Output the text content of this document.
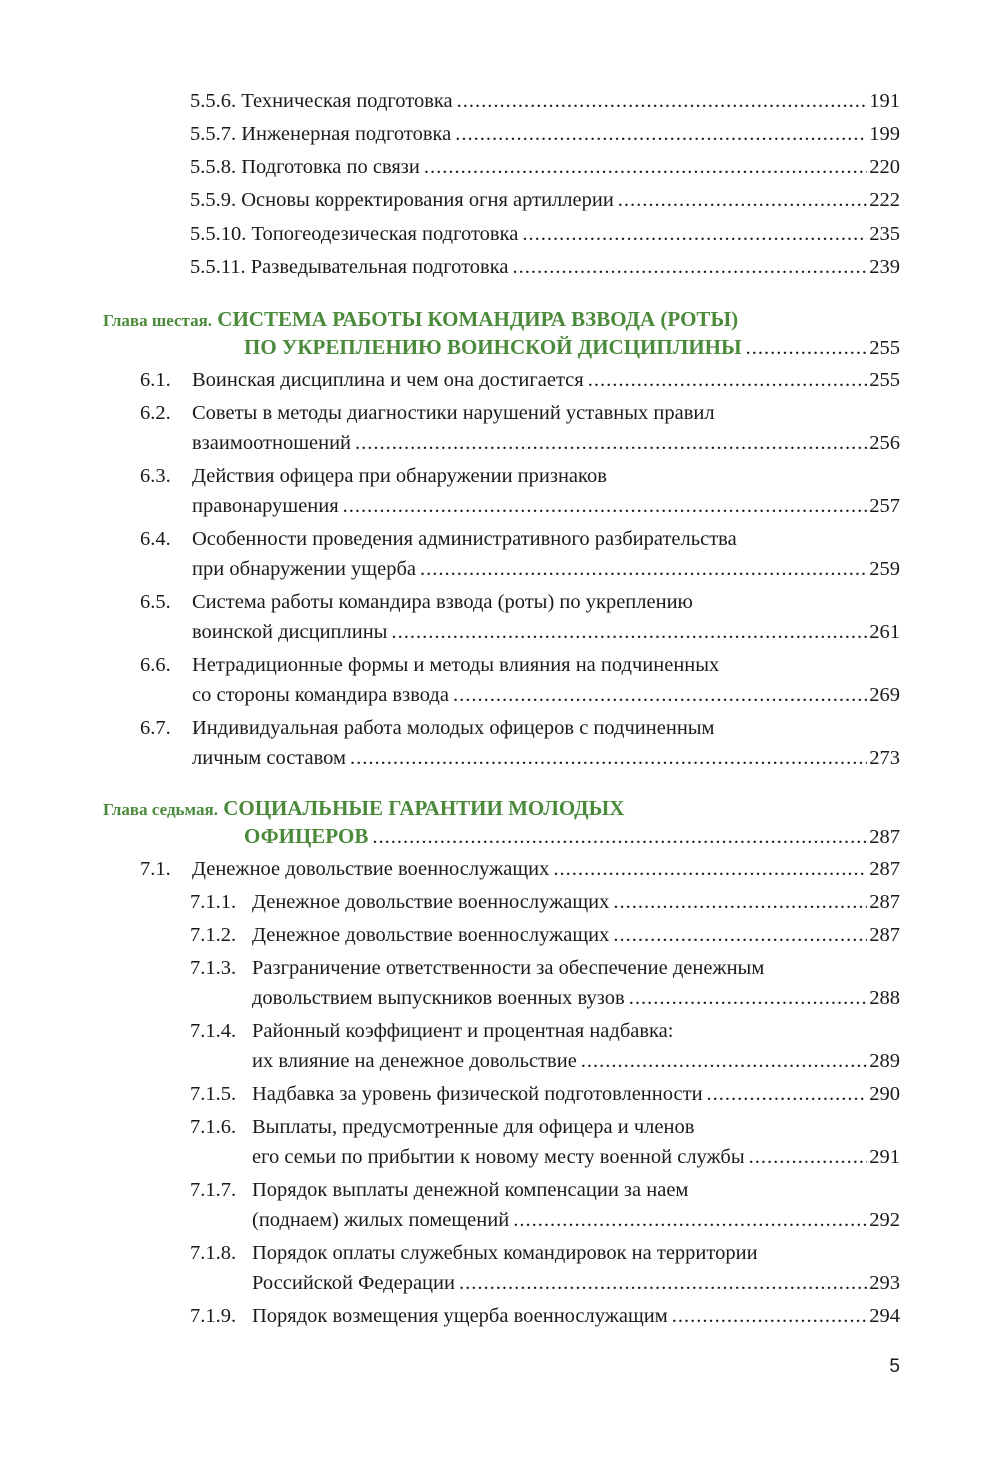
5.5.6. Техническая подготовка .....	191
5.5.7. Инженерная подготовка .....	199
5.5.8. Подготовка по связи .....	220
5.5.9. Основы корректирования огня артиллерии .....	222
5.5.10. Топогеодезическая подготовка .....	235
5.5.11. Разведывательная подготовка .....	239
Глава шестая. СИСТЕМА РАБОТЫ КОМАНДИРА ВЗВОДА (РОТЫ)
ПО УКРЕПЛЕНИЮ ВОИНСКОЙ ДИСЦИПЛИНЫ .....	255
6.1. Воинская дисциплина и чем она достигается .....	255
6.2. Советы в методы диагностики нарушений уставных правил
взаимоотношений .....	256
6.3. Действия офицера при обнаружении признаков
правонарушения .....	257
6.4. Особенности проведения административного разбирательства
при обнаружении ущерба .....	259
6.5. Система работы командира взвода (роты) по укреплению
воинской дисциплины .....	261
6.6. Нетрадиционные формы и методы влияния на подчиненных
со стороны командира взвода .....	269
6.7. Индивидуальная работа молодых офицеров с подчиненным
личным составом .....	273
Глава седьмая. СОЦИАЛЬНЫЕ ГАРАНТИИ МОЛОДЫХ
ОФИЦЕРОВ .....	287
7.1. Денежное довольствие военнослужащих .....	287
7.1.1. Денежное довольствие военнослужащих .....	287
7.1.2. Денежное довольствие военнослужащих .....	287
7.1.3. Разграничение ответственности за обеспечение денежным
довольствием выпускников военных вузов .....	288
7.1.4. Районный коэффициент и процентная надбавка:
их влияние на денежное довольствие .....	289
7.1.5. Надбавка за уровень физической подготовленности .....	290
7.1.6. Выплаты, предусмотренные для офицера и членов
его семьи по прибытии к новому месту военной службы .....	291
7.1.7. Порядок выплаты денежной компенсации за наем
(поднаем) жилых помещений .....	292
7.1.8. Порядок оплаты служебных командировок на территории
Российской Федерации .....	293
7.1.9. Порядок возмещения ущерба военнослужащим .....	294
5
